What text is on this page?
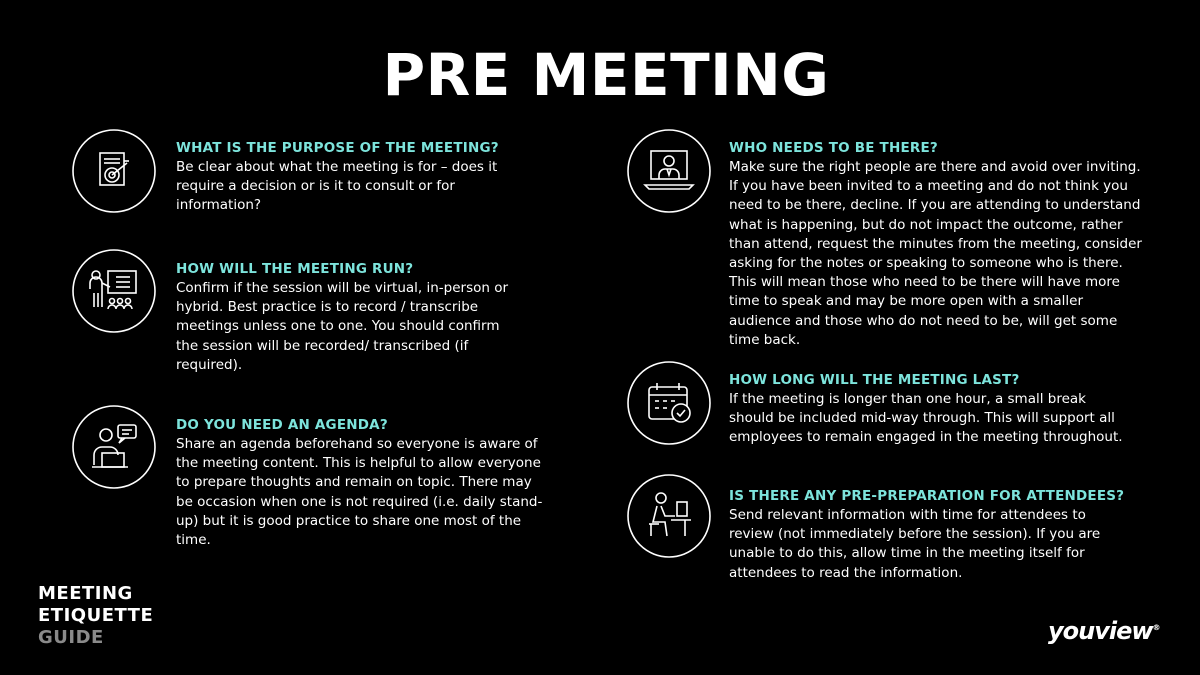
PRE MEETING
WHAT IS THE PURPOSE OF THE MEETING?
Be clear about what the meeting is for – does it require a decision or is it to consult or for information?
HOW WILL THE MEETING RUN?
Confirm if the session will be virtual, in-person or hybrid. Best practice is to record / transcribe meetings unless one to one. You should confirm the session will be recorded/ transcribed (if required).
DO YOU NEED AN AGENDA?
Share an agenda beforehand so everyone is aware of the meeting content. This is helpful to allow everyone to prepare thoughts and remain on topic. There may be occasion when one is not required (i.e. daily stand-up) but it is good practice to share one most of the time.
WHO NEEDS TO BE THERE?
Make sure the right people are there and avoid over inviting. If you have been invited to a meeting and do not think you need to be there, decline. If you are attending to understand what is happening, but do not impact the outcome, rather than attend, request the minutes from the meeting, consider asking for the notes or speaking to someone who is there. This will mean those who need to be there will have more time to speak and may be more open with a smaller audience and those who do not need to be, will get some time back.
HOW LONG WILL THE MEETING LAST?
If the meeting is longer than one hour, a small break should be included mid-way through. This will support all employees to remain engaged in the meeting throughout.
IS THERE ANY PRE-PREPARATION FOR ATTENDEES?
Send relevant information with time for attendees to review (not immediately before the session). If you are unable to do this, allow time in the meeting itself for attendees to read the information.
MEETING
ETIQUETTE
GUIDE	youview®
